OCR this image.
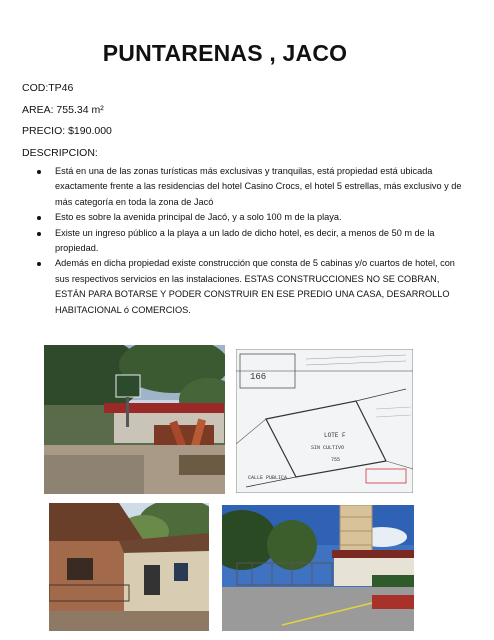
PUNTARENAS , JACO
COD:TP46
AREA: 755.34 m²
PRECIO: $190.000
DESCRIPCION:
Está en una de las zonas turísticas más exclusivas y tranquilas, está propiedad está ubicada exactamente frente a las residencias del hotel Casino Crocs, el hotel 5 estrellas, más exclusivo y de más categoría en toda la zona de Jacó
Esto es sobre la avenida principal de Jacó, y a solo 100 m de la playa.
Existe un ingreso público a la playa a un lado de dicho hotel, es decir, a menos de 50 m de la propiedad.
Además en dicha propiedad existe construcción que consta de 5 cabinas y/o cuartos de hotel, con sus respectivos servicios en las instalaciones. ESTAS CONSTRUCCIONES NO SE COBRAN, ESTÁN PARA BOTARSE Y PODER CONSTRUIR EN ESE PREDIO UNA CASA, DESARROLLO HABITACIONAL ó COMERCIOS.
LOTE F
SIN CULTIVO
CALLE PUBLICA
166
755
